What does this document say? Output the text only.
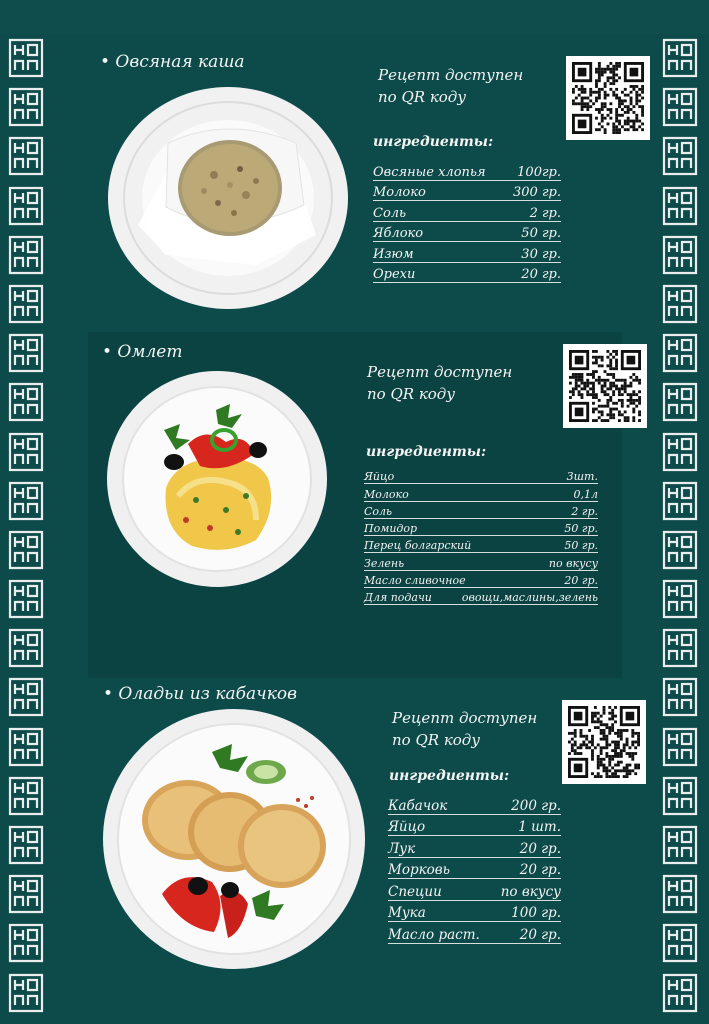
• Овсяная каша
Рецепт доступен
по QR коду
ингредиенты:
Овсяные хлопья 100гр.
Молоко	300 гр.
Соль	2 гр.
Яблоко	50 гр.
Изюм	30 гр.
Орехи	20 гр.
• Омлет
Рецепт доступен
по QR коду
ингредиенты:
Яйцо	3шт.
Молоко	0,1л
Соль	2 гр.
Помидор	50 гр.
Перец болгарский	50 гр.
Зелень	по вкусу
Масло сливочное	20 гр.
Для подачи	овощи,маслины,зелень
• Оладьи из кабачков
Рецепт доступен
по QR коду
ингредиенты:
Кабачок	200 гр.
Яйцо	1 шт.
Лук	20 гр.
Морковь	20 гр.
Специи	по вкусу
Мука	100 гр.
Масло раст.	20 гр.
